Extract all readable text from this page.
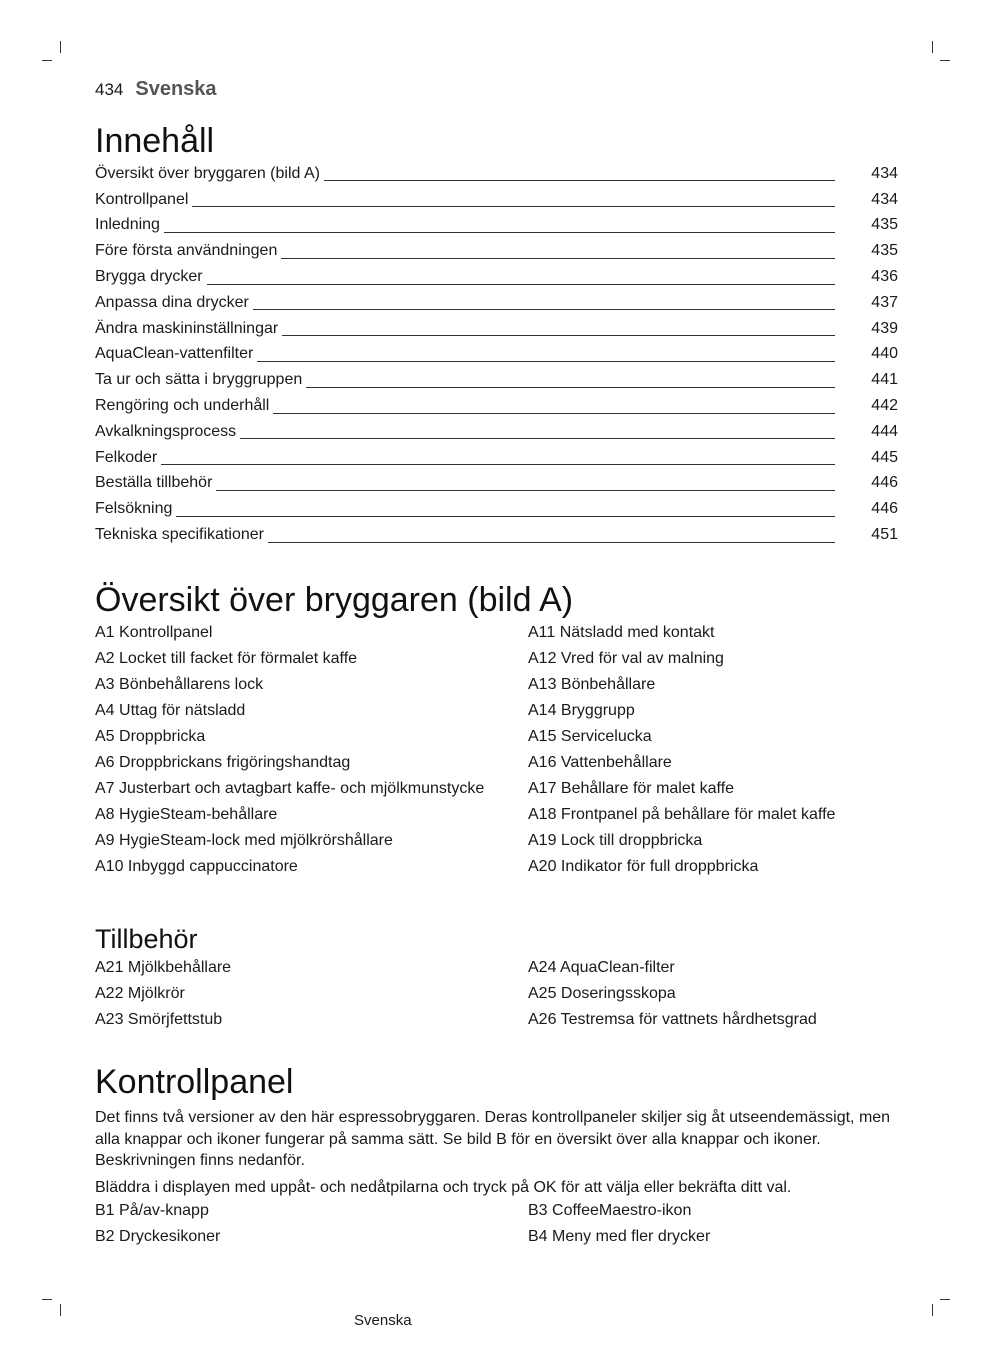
434 Svenska
Innehåll
Översikt över bryggaren (bild A)	434
Kontrollpanel	434
Inledning	435
Före första användningen	435
Brygga drycker	436
Anpassa dina drycker	437
Ändra maskininställningar	439
AquaClean-vattenfilter	440
Ta ur och sätta i bryggruppen	441
Rengöring och underhåll	442
Avkalkningsprocess	444
Felkoder	445
Beställa tillbehör	446
Felsökning	446
Tekniska specifikationer	451
Översikt över bryggaren (bild A)
A1 Kontrollpanel
A2 Locket till facket för förmalet kaffe
A3 Bönbehållarens lock
A4 Uttag för nätsladd
A5 Droppbricka
A6 Droppbrickans frigöringshandtag
A7 Justerbart och avtagbart kaffe- och mjölkmunstycke
A8 HygieSteam-behållare
A9 HygieSteam-lock med mjölkrörshållare
A10 Inbyggd cappuccinatore
A11 Nätsladd med kontakt
A12 Vred för val av malning
A13 Bönbehållare
A14 Bryggrupp
A15 Servicelucka
A16 Vattenbehållare
A17 Behållare för malet kaffe
A18 Frontpanel på behållare för malet kaffe
A19 Lock till droppbricka
A20 Indikator för full droppbricka
Tillbehör
A21 Mjölkbehållare
A22 Mjölkrör
A23 Smörjfettstub
A24 AquaClean-filter
A25 Doseringsskopa
A26 Testremsa för vattnets hårdhetsgrad
Kontrollpanel

Det finns två versioner av den här espressobryggaren. Deras kontrollpaneler skiljer sig åt utseendemässigt, men alla knappar och ikoner fungerar på samma sätt. Se bild B för en översikt över alla knappar och ikoner. Beskrivningen finns nedanför.

Bläddra i displayen med uppåt- och nedåtpilarna och tryck på OK för att välja eller bekräfta ditt val.

B1 På/av-knapp
B2 Dryckesikoner
B3 CoffeeMaestro-ikon
B4 Meny med fler drycker
Svenska
